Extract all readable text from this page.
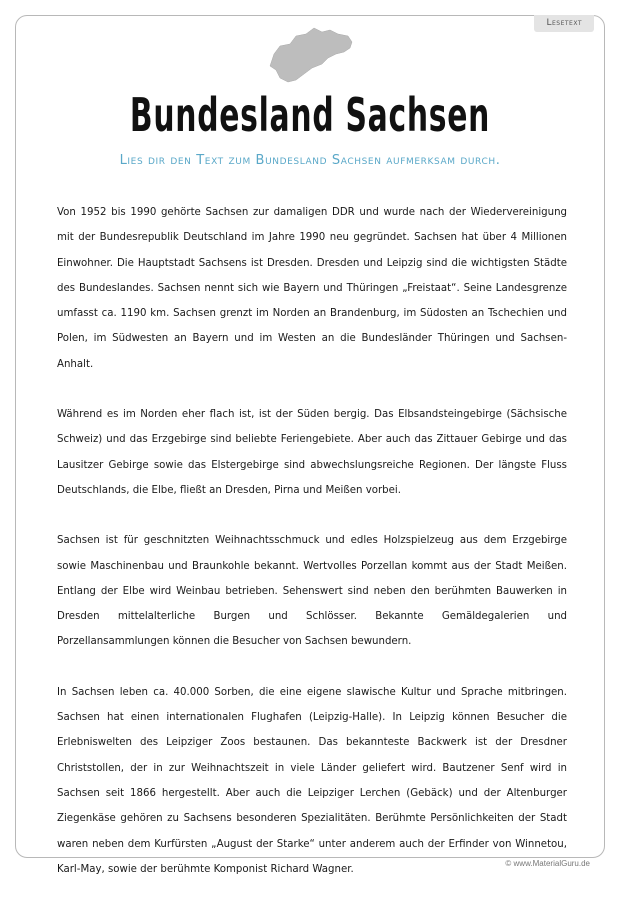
Lesetext
Bundesland Sachsen

Lies dir den Text zum Bundesland Sachsen aufmerksam durch.

Von 1952 bis 1990 gehörte Sachsen zur damaligen DDR und wurde nach der Wiedervereinigung mit der Bundesrepublik Deutschland im Jahre 1990 neu gegründet. Sachsen hat über 4 Millionen Einwohner. Die Hauptstadt Sachsens ist Dresden. Dresden und Leipzig sind die wichtigsten Städte des Bundeslandes. Sachsen nennt sich wie Bayern und Thüringen „Freistaat“. Seine Landesgrenze umfasst ca. 1190 km. Sachsen grenzt im Norden an Brandenburg, im Südosten an Tschechien und Polen, im Südwesten an Bayern und im Westen an die Bundesländer Thüringen und Sachsen-Anhalt.

Während es im Norden eher flach ist, ist der Süden bergig. Das Elbsandsteingebirge (Sächsische Schweiz) und das Erzgebirge sind beliebte Feriengebiete. Aber auch das Zittauer Gebirge und das Lausitzer Gebirge sowie das Elstergebirge sind abwechslungsreiche Regionen. Der längste Fluss Deutschlands, die Elbe, fließt an Dresden, Pirna und Meißen vorbei.

Sachsen ist für geschnitzten Weihnachtsschmuck und edles Holzspielzeug aus dem Erzgebirge sowie Maschinenbau und Braunkohle bekannt. Wertvolles Porzellan kommt aus der Stadt Meißen. Entlang der Elbe wird Weinbau betrieben. Sehenswert sind neben den berühmten Bauwerken in Dresden mittelalterliche Burgen und Schlösser. Bekannte Gemäldegalerien und Porzellansammlungen können die Besucher von Sachsen bewundern.

In Sachsen leben ca. 40.000 Sorben, die eine eigene slawische Kultur und Sprache mitbringen. Sachsen hat einen internationalen Flughafen (Leipzig-Halle). In Leipzig können Besucher die Erlebniswelten des Leipziger Zoos bestaunen. Das bekannteste Backwerk ist der Dresdner Christstollen, der in zur Weihnachtszeit in viele Länder geliefert wird. Bautzener Senf wird in Sachsen seit 1866 hergestellt. Aber auch die Leipziger Lerchen (Gebäck) und der Altenburger Ziegenkäse gehören zu Sachsens besonderen Spezialitäten. Berühmte Persönlichkeiten der Stadt waren neben dem Kurfürsten „August der Starke“ unter anderem auch der Erfinder von Winnetou, Karl-May, sowie der berühmte Komponist Richard Wagner.

© www.MaterialGuru.de
